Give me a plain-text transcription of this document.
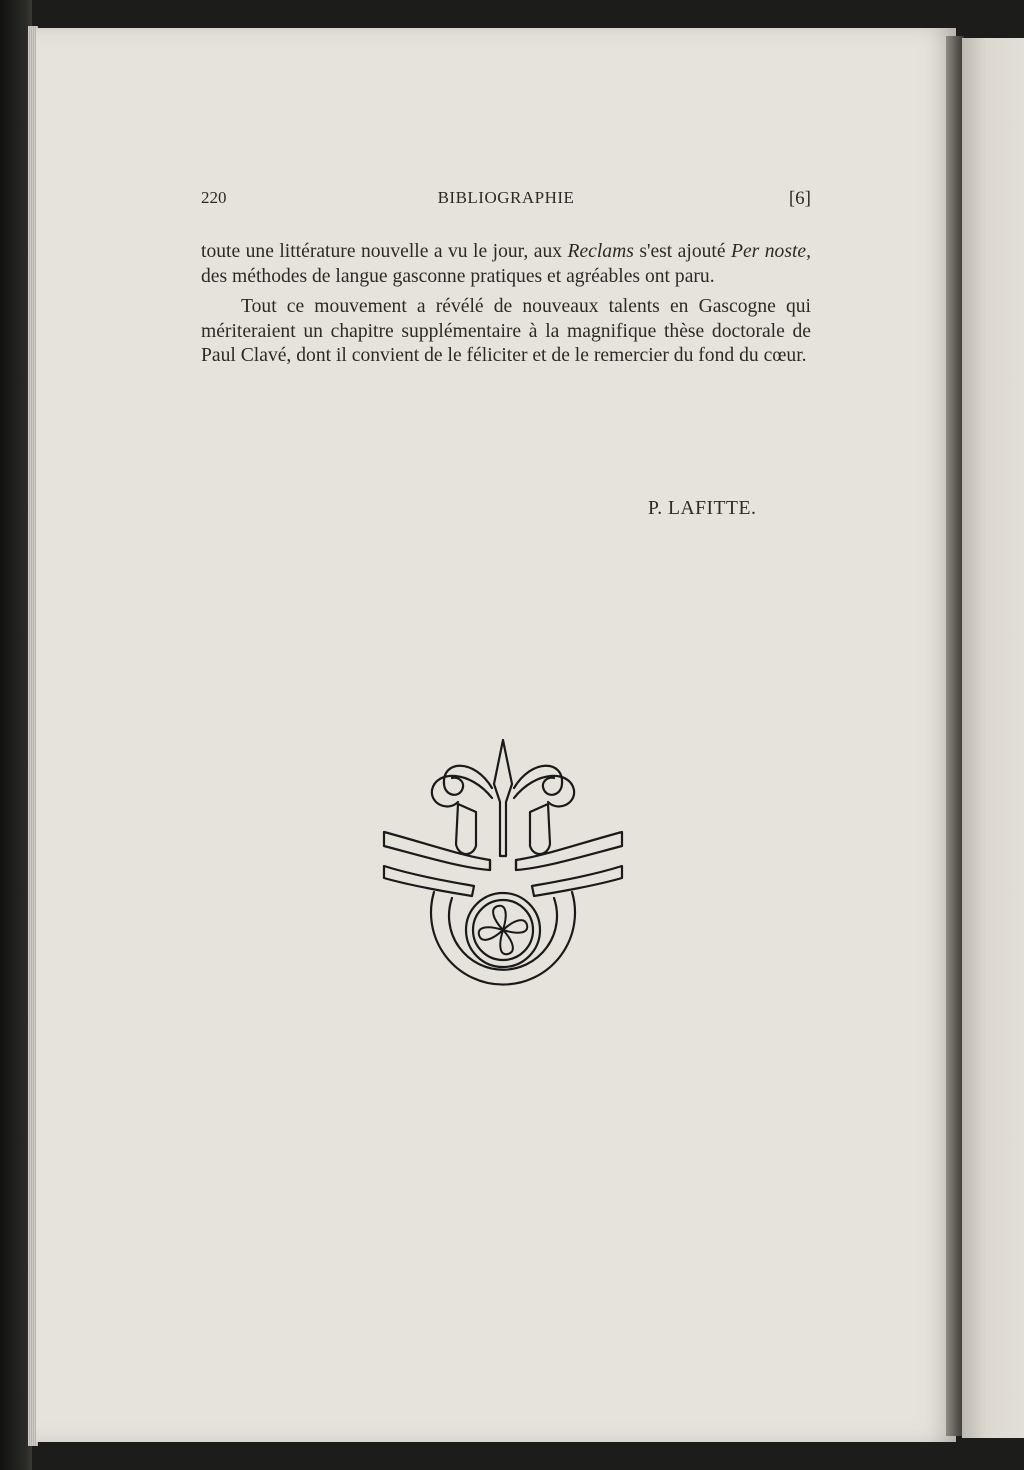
220	BIBLIOGRAPHIE	[6]

toute une littérature nouvelle a vu le jour, aux Reclams s'est ajouté Per noste, des méthodes de langue gasconne pratiques et agréables ont paru.

Tout ce mouvement a révélé de nouveaux talents en Gascogne qui mériteraient un chapitre supplémentaire à la magnifique thèse doctorale de Paul Clavé, dont il convient de le féliciter et de le remercier du fond du cœur.

P. LAFITTE.
